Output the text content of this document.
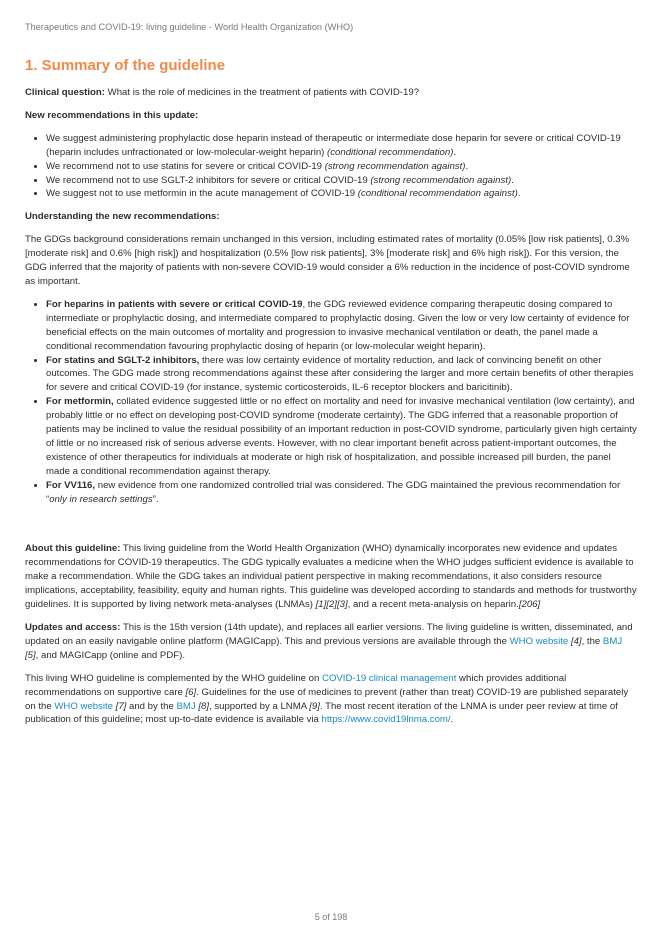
Therapeutics and COVID-19: living guideline - World Health Organization (WHO)
1. Summary of the guideline

Clinical question: What is the role of medicines in the treatment of patients with COVID-19?

New recommendations in this update:

• We suggest administering prophylactic dose heparin instead of therapeutic or intermediate dose heparin for severe or critical COVID-19 (heparin includes unfractionated or low-molecular-weight heparin) (conditional recommendation).
• We recommend not to use statins for severe or critical COVID-19 (strong recommendation against).
• We recommend not to use SGLT-2 inhibitors for severe or critical COVID-19 (strong recommendation against).
• We suggest not to use metformin in the acute management of COVID-19 (conditional recommendation against).

Understanding the new recommendations:

The GDGs background considerations remain unchanged in this version, including estimated rates of mortality (0.05% [low risk patients], 0.3% [moderate risk] and 0.6% [high risk]) and hospitalization (0.5% [low risk patients], 3% [moderate risk] and 6% high risk]). For this version, the GDG inferred that the majority of patients with non-severe COVID-19 would consider a 6% reduction in the incidence of post-COVID syndrome as important.

• For heparins in patients with severe or critical COVID-19, the GDG reviewed evidence comparing therapeutic dosing compared to intermediate or prophylactic dosing, and intermediate compared to prophylactic dosing. Given the low or very low certainty of evidence for beneficial effects on the main outcomes of mortality and progression to invasive mechanical ventilation or death, the panel made a conditional recommendation favouring prophylactic dosing of heparin (or low-molecular weight heparin).
• For statins and SGLT-2 inhibitors, there was low certainty evidence of mortality reduction, and lack of convincing benefit on other outcomes. The GDG made strong recommendations against these after considering the larger and more certain benefits of other therapies for severe and critical COVID-19 (for instance, systemic corticosteroids, IL-6 receptor blockers and baricitinib).
• For metformin, collated evidence suggested little or no effect on mortality and need for invasive mechanical ventilation (low certainty), and probably little or no effect on developing post-COVID syndrome (moderate certainty). The GDG inferred that a reasonable proportion of patients may be inclined to value the residual possibility of an important reduction in post-COVID syndrome, particularly given high certainty of little or no increased risk of serious adverse events. However, with no clear important benefit across patient-important outcomes, the existence of other therapeutics for individuals at moderate or high risk of hospitalization, and possible increased pill burden, the panel made a conditional recommendation against therapy.
• For VV116, new evidence from one randomized controlled trial was considered. The GDG maintained the previous recommendation for “only in research settings”.

About this guideline: This living guideline from the World Health Organization (WHO) dynamically incorporates new evidence and updates recommendations for COVID-19 therapeutics. The GDG typically evaluates a medicine when the WHO judges sufficient evidence is available to make a recommendation. While the GDG takes an individual patient perspective in making recommendations, it also considers resource implications, acceptability, feasibility, equity and human rights. This guideline was developed according to standards and methods for trustworthy guidelines. It is supported by living network meta-analyses (LNMAs) [1][2][3], and a recent meta-analysis on heparin.[206]

Updates and access: This is the 15th version (14th update), and replaces all earlier versions. The living guideline is written, disseminated, and updated on an easily navigable online platform (MAGICapp). This and previous versions are available through the WHO website [4], the BMJ [5], and MAGICapp (online and PDF).

This living WHO guideline is complemented by the WHO guideline on COVID-19 clinical management which provides additional recommendations on supportive care [6]. Guidelines for the use of medicines to prevent (rather than treat) COVID-19 are published separately on the WHO website [7] and by the BMJ [8], supported by a LNMA [9]. The most recent iteration of the LNMA is under peer review at time of publication of this guideline; most up-to-date evidence is available via https://www.covid19lnma.com/.

5 of 198
